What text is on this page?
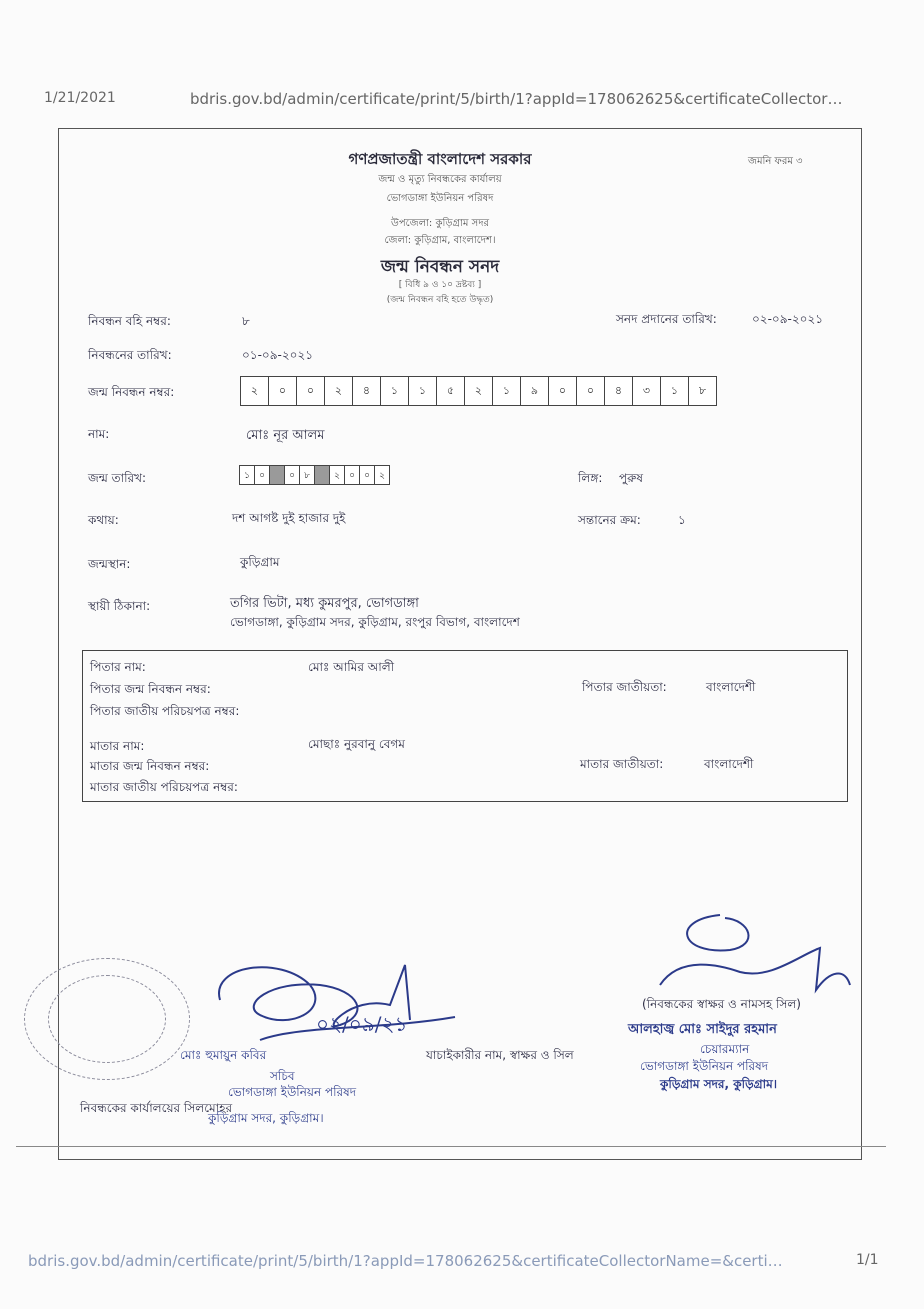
1/21/2021	bdris.gov.bd/admin/certificate/print/5/birth/1?appId=178062625&certificateCollector…
bdris.gov.bd/admin/certificate/print/5/birth/1?appId=178062625&certificateCollectorName=&certi…	1/1
গণপ্রজাতন্ত্রী বাংলাদেশ সরকার	জমনি ফরম ৩
জন্ম ও মৃত্যু নিবন্ধকের কার্যালয়
ভোগডাঙ্গা ইউনিয়ন পরিষদ
উপজেলা: কুড়িগ্রাম সদর
জেলা: কুড়িগ্রাম, বাংলাদেশ।
জন্ম নিবন্ধন সনদ
[ বিধি ৯ ও ১০ দ্রষ্টব্য ]
(জন্ম নিবন্ধন বহি হতে উদ্ধৃত)
নিবন্ধন বহি নম্বর:	৮	সনদ প্রদানের তারিখ:	০২-০৯-২০২১
নিবন্ধনের তারিখ:	০১-০৯-২০২১
জন্ম নিবন্ধন নম্বর:	২	০	০	২	৪	১	১	৫	২	১	৯	০	০	৪	৩	১	৮
নাম:	মোঃ নূর আলম
জন্ম তারিখ:	১	০	০	৮	২	০	০	২	লিঙ্গ: পুরুষ
কথায়:	দশ আগষ্ট দুই হাজার দুই	সন্তানের ক্রম:	১
জন্মস্থান:	কুড়িগ্রাম
স্থায়ী ঠিকানা:	তগির ভিটা, মধ্য কুমরপুর, ভোগডাঙ্গা
ভোগডাঙ্গা, কুড়িগ্রাম সদর, কুড়িগ্রাম, রংপুর বিভাগ, বাংলাদেশ
পিতার নাম:	মোঃ আমির আলী
পিতার জন্ম নিবন্ধন নম্বর:	পিতার জাতীয়তা:	বাংলাদেশী
পিতার জাতীয় পরিচয়পত্র নম্বর:
মাতার নাম:	মোছাঃ নুরবানু বেগম
মাতার জন্ম নিবন্ধন নম্বর:	মাতার জাতীয়তা:	বাংলাদেশী
মাতার জাতীয় পরিচয়পত্র নম্বর:
০২/০৯/২১
মোঃ হুমায়ুন কবির	যাচাইকারীর নাম, স্বাক্ষর ও সিল
সচিব
ভোগডাঙ্গা ইউনিয়ন পরিষদ
নিবন্ধকের কার্যালয়ের সিলমোহর
কুড়িগ্রাম সদর, কুড়িগ্রাম।
(নিবন্ধকের স্বাক্ষর ও নামসহ সিল)
আলহাজ্ব মোঃ সাইদুর রহমান
চেয়ারম্যান
ভোগডাঙ্গা ইউনিয়ন পরিষদ
কুড়িগ্রাম সদর, কুড়িগ্রাম।
